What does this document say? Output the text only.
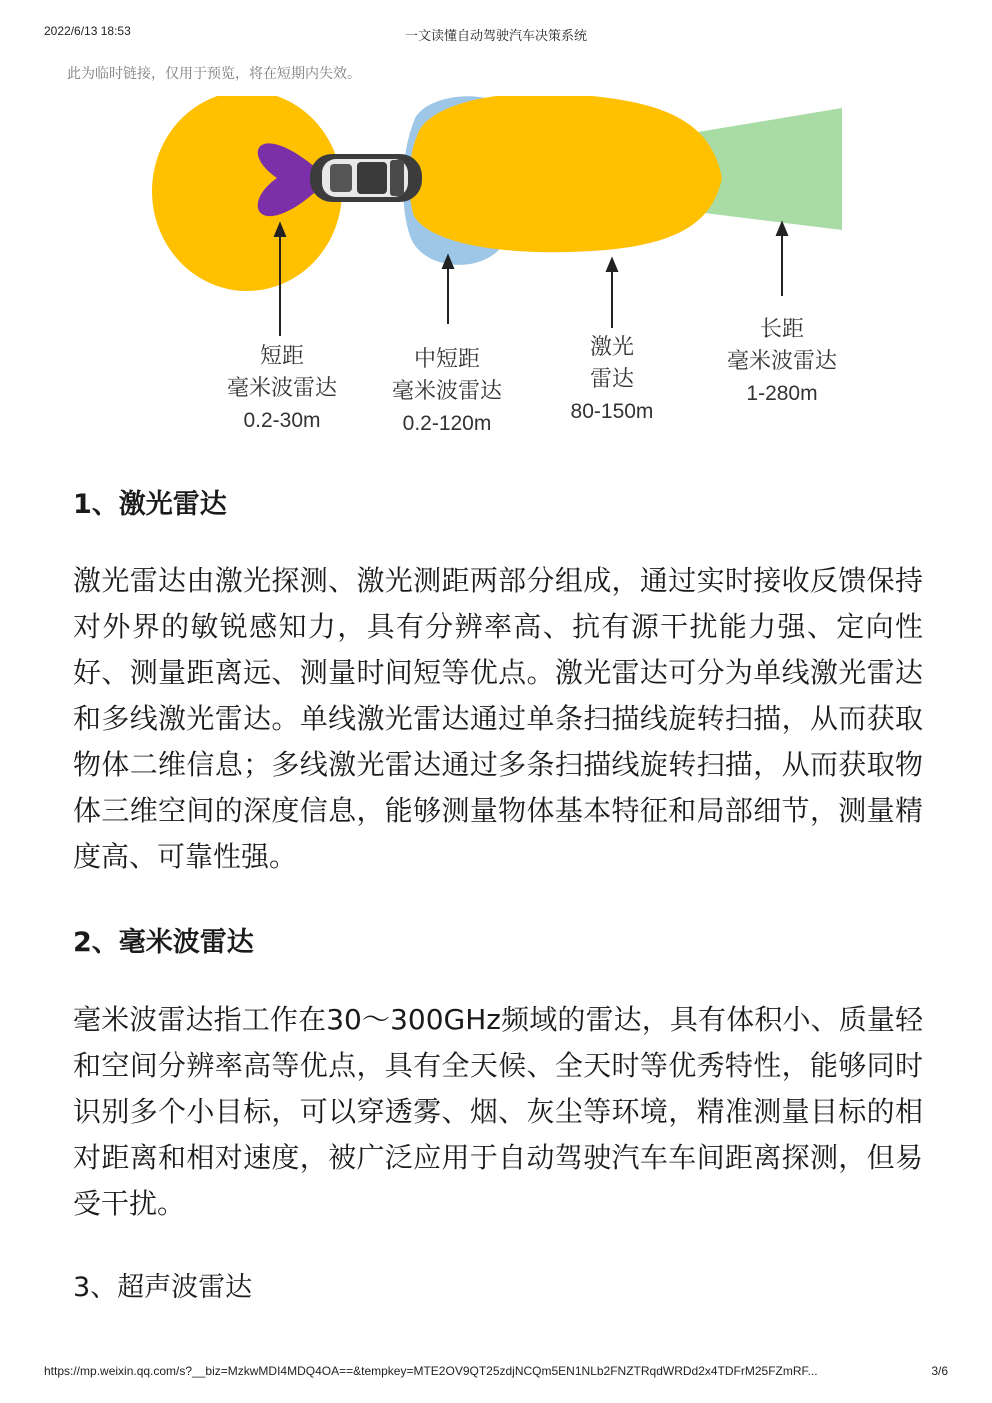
2022/6/13 18:53	一文读懂自动驾驶汽车决策系统
此为临时链接，仅用于预览，将在短期内失效。
短距
毫米波雷达
0.2-30m
中短距
毫米波雷达
0.2-120m
激光
雷达
80-150m
长距
毫米波雷达
1-280m
1、激光雷达

激光雷达由激光探测、激光测距两部分组成，通过实时接收反馈保持对外界的敏锐感知力，具有分辨率高、抗有源干扰能力强、定向性好、测量距离远、测量时间短等优点。激光雷达可分为单线激光雷达和多线激光雷达。单线激光雷达通过单条扫描线旋转扫描，从而获取物体二维信息；多线激光雷达通过多条扫描线旋转扫描，从而获取物体三维空间的深度信息，能够测量物体基本特征和局部细节，测量精度高、可靠性强。

2、毫米波雷达

毫米波雷达指工作在30～300GHz频域的雷达，具有体积小、质量轻和空间分辨率高等优点，具有全天候、全天时等优秀特性，能够同时识别多个小目标，可以穿透雾、烟、灰尘等环境，精准测量目标的相对距离和相对速度，被广泛应用于自动驾驶汽车车间距离探测，但易受干扰。

3、超声波雷达
https://mp.weixin.qq.com/s?__biz=MzkwMDI4MDQ4OA==&tempkey=MTE2OV9QT25zdjNCQm5EN1NLb2FNZTRqdWRDd2x4TDFrM25FZmRF...	3/6
